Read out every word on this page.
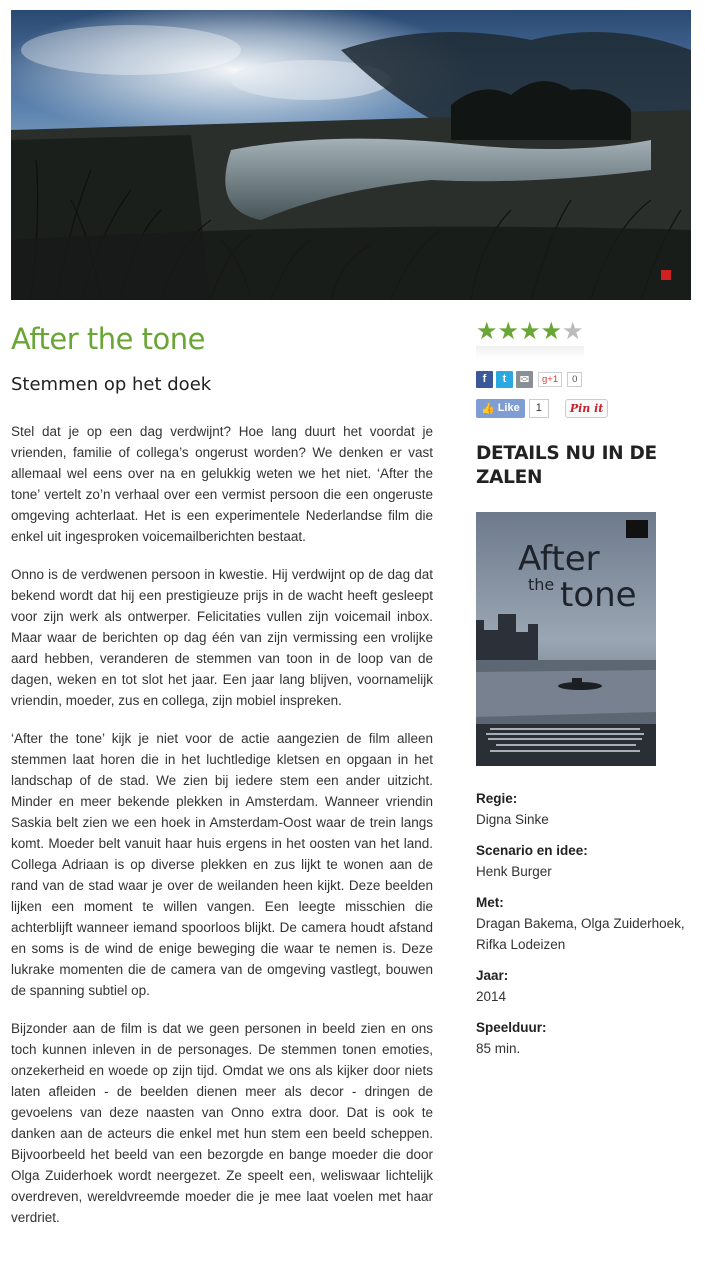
After the tone
Stemmen op het doek

Stel dat je op een dag verdwijnt? Hoe lang duurt het voordat je vrienden, familie of collega’s ongerust worden? We denken er vast allemaal wel eens over na en gelukkig weten we het niet. ‘After the tone’ vertelt zo’n verhaal over een vermist persoon die een ongeruste omgeving achterlaat. Het is een experimentele Nederlandse film die enkel uit ingesproken voicemailberichten bestaat.

Onno is de verdwenen persoon in kwestie. Hij verdwijnt op de dag dat bekend wordt dat hij een prestigieuze prijs in de wacht heeft gesleept voor zijn werk als ontwerper. Felicitaties vullen zijn voicemail inbox. Maar waar de berichten op dag één van zijn vermissing een vrolijke aard hebben, veranderen de stemmen van toon in de loop van de dagen, weken en tot slot het jaar. Een jaar lang blijven, voornamelijk vriendin, moeder, zus en collega, zijn mobiel inspreken.

‘After the tone’ kijk je niet voor de actie aangezien de film alleen stemmen laat horen die in het luchtledige kletsen en opgaan in het landschap of de stad. We zien bij iedere stem een ander uitzicht. Minder en meer bekende plekken in Amsterdam. Wanneer vriendin Saskia belt zien we een hoek in Amsterdam-Oost waar de trein langs komt. Moeder belt vanuit haar huis ergens in het oosten van het land. Collega Adriaan is op diverse plekken en zus lijkt te wonen aan de rand van de stad waar je over de weilanden heen kijkt. Deze beelden lijken een moment te willen vangen. Een leegte misschien die achterblijft wanneer iemand spoorloos blijkt. De camera houdt afstand en soms is de wind de enige beweging die waar te nemen is. Deze lukrake momenten die de camera van de omgeving vastlegt, bouwen de spanning subtiel op.

Bijzonder aan de film is dat we geen personen in beeld zien en ons toch kunnen inleven in de personages. De stemmen tonen emoties, onzekerheid en woede op zijn tijd. Omdat we ons als kijker door niets laten afleiden - de beelden dienen meer als decor - dringen de gevoelens van deze naasten van Onno extra door. Dat is ook te danken aan de acteurs die enkel met hun stem een beeld scheppen. Bijvoorbeeld het beeld van een bezorgde en bange moeder die door Olga Zuiderhoek wordt neergezet. Ze speelt een, weliswaar lichtelijk overdreven, wereldvreemde moeder die je mee laat voelen met haar verdriet.

★ ★ ★ ★ ★
f	t	✉	g+1	0
👍 Like	1	Pin it
DETAILS NU IN DE ZALEN
After
the tone
Regie:
Digna Sinke
Scenario en idee:
Henk Burger
Met:
Dragan Bakema, Olga Zuiderhoek, Rifka Lodeizen
Jaar:
2014
Speelduur:
85 min.
